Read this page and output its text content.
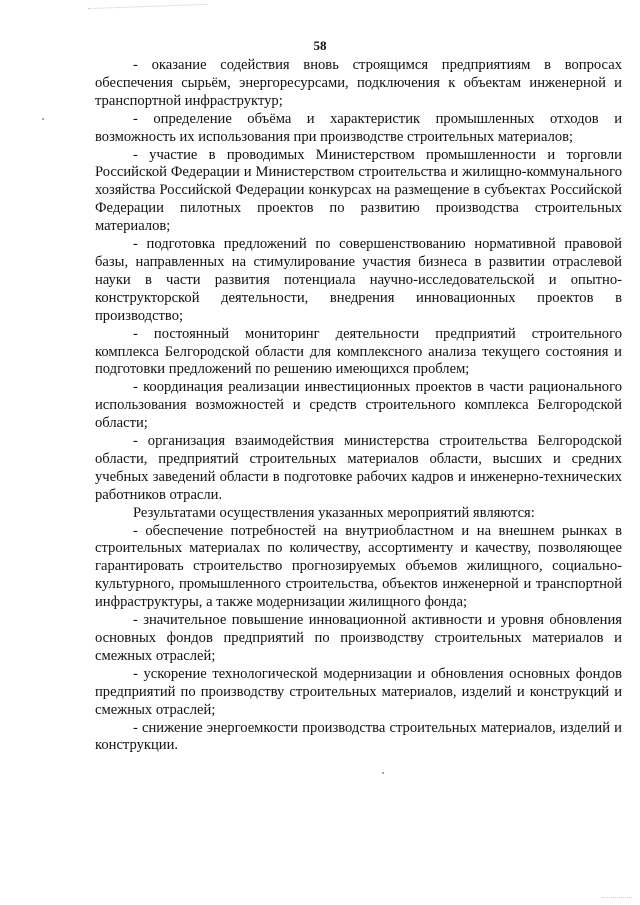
58

- оказание содействия вновь строящимся предприятиям в вопросах обеспечения сырьём, энергоресурсами, подключения к объектам инженерной и транспортной инфраструктур;

- определение объёма и характеристик промышленных отходов и возможность их использования при производстве строительных материалов;

- участие в проводимых Министерством промышленности и торговли Российской Федерации и Министерством строительства и жилищно-коммунального хозяйства Российской Федерации конкурсах на размещение в субъектах Российской Федерации пилотных проектов по развитию производства строительных материалов;

- подготовка предложений по совершенствованию нормативной правовой базы, направленных на стимулирование участия бизнеса в развитии отраслевой науки в части развития потенциала научно-исследовательской и опытно-конструкторской деятельности, внедрения инновационных проектов в производство;

- постоянный мониторинг деятельности предприятий строительного комплекса Белгородской области для комплексного анализа текущего состояния и подготовки предложений по решению имеющихся проблем;

- координация реализации инвестиционных проектов в части рационального использования возможностей и средств строительного комплекса Белгородской области;

- организация взаимодействия министерства строительства Белгородской области, предприятий строительных материалов области, высших и средних учебных заведений области в подготовке рабочих кадров и инженерно-технических работников отрасли.

Результатами осуществления указанных мероприятий являются:

- обеспечение потребностей на внутриобластном и на внешнем рынках в строительных материалах по количеству, ассортименту и качеству, позволяющее гарантировать строительство прогнозируемых объемов жилищного, социально-культурного, промышленного строительства, объектов инженерной и транспортной инфраструктуры, а также модернизации жилищного фонда;

- значительное повышение инновационной активности и уровня обновления основных фондов предприятий по производству строительных материалов и смежных отраслей;

- ускорение технологической модернизации и обновления основных фондов предприятий по производству строительных материалов, изделий и конструкций и смежных отраслей;

- снижение энергоемкости производства строительных материалов, изделий и конструкции.
